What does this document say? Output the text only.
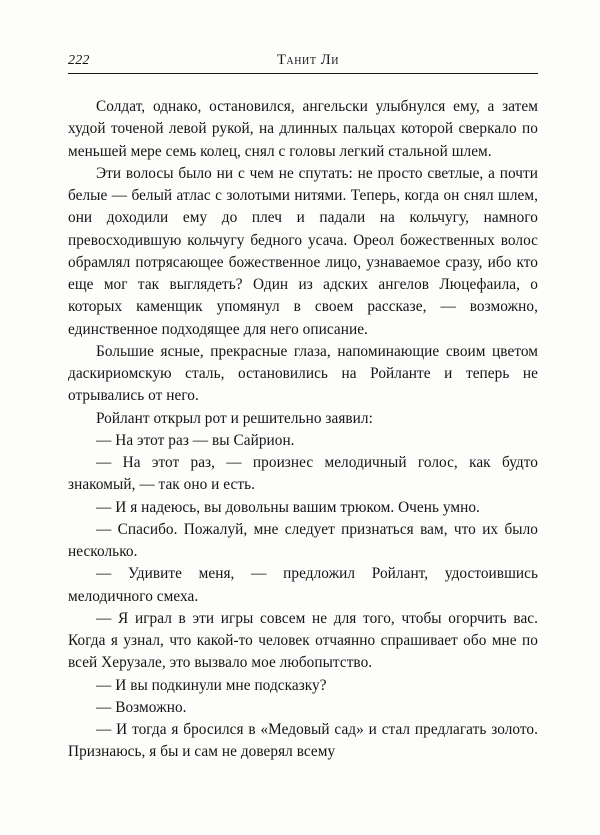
222	Танит Ли

Солдат, однако, остановился, ангельски улыбнулся ему, а затем худой точеной левой рукой, на длинных пальцах которой сверкало по меньшей мере семь колец, снял с головы легкий стальной шлем.

Эти волосы было ни с чем не спутать: не просто светлые, а почти белые — белый атлас с золотыми нитями. Теперь, когда он снял шлем, они доходили ему до плеч и падали на кольчугу, намного превосходившую кольчугу бедного усача. Ореол божественных волос обрамлял потрясающее божественное лицо, узнаваемое сразу, ибо кто еще мог так выглядеть? Один из адских ангелов Люцефаила, о которых каменщик упомянул в своем рассказе, — возможно, единственное подходящее для него описание.

Большие ясные, прекрасные глаза, напоминающие своим цветом даскириомскую сталь, остановились на Ройланте и теперь не отрывались от него.

Ройлант открыл рот и решительно заявил:

— На этот раз — вы Сайрион.

— На этот раз, — произнес мелодичный голос, как будто знакомый, — так оно и есть.

— И я надеюсь, вы довольны вашим трюком. Очень умно.

— Спасибо. Пожалуй, мне следует признаться вам, что их было несколько.

— Удивите меня, — предложил Ройлант, удостоившись мелодичного смеха.

— Я играл в эти игры совсем не для того, чтобы огорчить вас. Когда я узнал, что какой-то человек отчаянно спрашивает обо мне по всей Херузале, это вызвало мое любопытство.

— И вы подкинули мне подсказку?

— Возможно.

— И тогда я бросился в «Медовый сад» и стал предлагать золото. Признаюсь, я бы и сам не доверял всему
